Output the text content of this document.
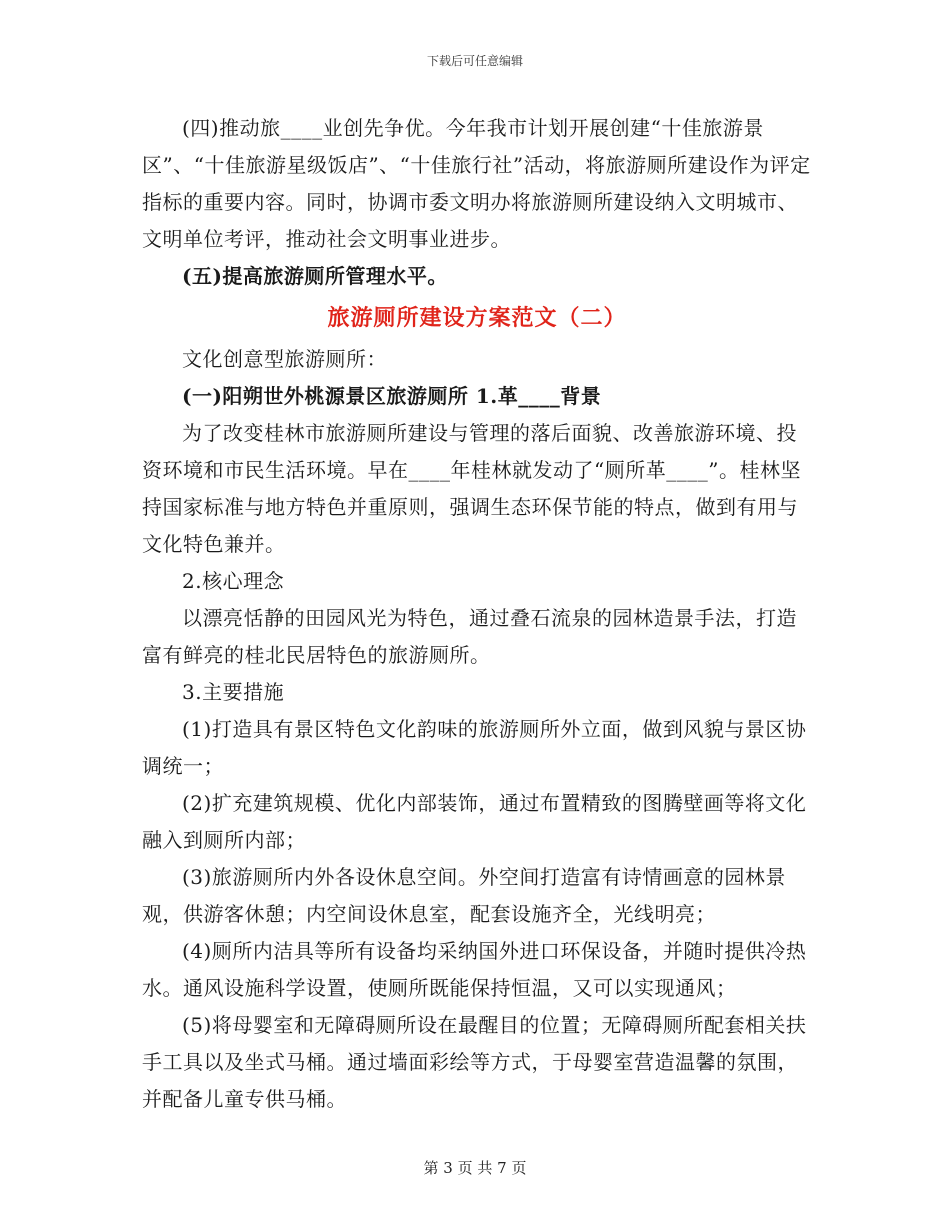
下载后可任意编辑

(四)推动旅____业创先争优。今年我市计划开展创建“十佳旅游景区”、“十佳旅游星级饭店”、“十佳旅行社”活动，将旅游厕所建设作为评定指标的重要内容。同时，协调市委文明办将旅游厕所建设纳入文明城市、文明单位考评，推动社会文明事业进步。

(五)提高旅游厕所管理水平。

旅游厕所建设方案范文（二）

文化创意型旅游厕所：

(一)阳朔世外桃源景区旅游厕所 1.革____背景

为了改变桂林市旅游厕所建设与管理的落后面貌、改善旅游环境、投资环境和市民生活环境。早在____年桂林就发动了“厕所革____”。桂林坚持国家标准与地方特色并重原则，强调生态环保节能的特点，做到有用与文化特色兼并。

2.核心理念

以漂亮恬静的田园风光为特色，通过叠石流泉的园林造景手法，打造富有鲜亮的桂北民居特色的旅游厕所。

3.主要措施

(1)打造具有景区特色文化韵味的旅游厕所外立面，做到风貌与景区协调统一；

(2)扩充建筑规模、优化内部装饰，通过布置精致的图腾壁画等将文化融入到厕所内部；

(3)旅游厕所内外各设休息空间。外空间打造富有诗情画意的园林景观，供游客休憩；内空间设休息室，配套设施齐全，光线明亮；

(4)厕所内洁具等所有设备均采纳国外进口环保设备，并随时提供冷热水。通风设施科学设置，使厕所既能保持恒温，又可以实现通风；

(5)将母婴室和无障碍厕所设在最醒目的位置；无障碍厕所配套相关扶手工具以及坐式马桶。通过墙面彩绘等方式，于母婴室营造温馨的氛围，并配备儿童专供马桶。

第 3 页 共 7 页
